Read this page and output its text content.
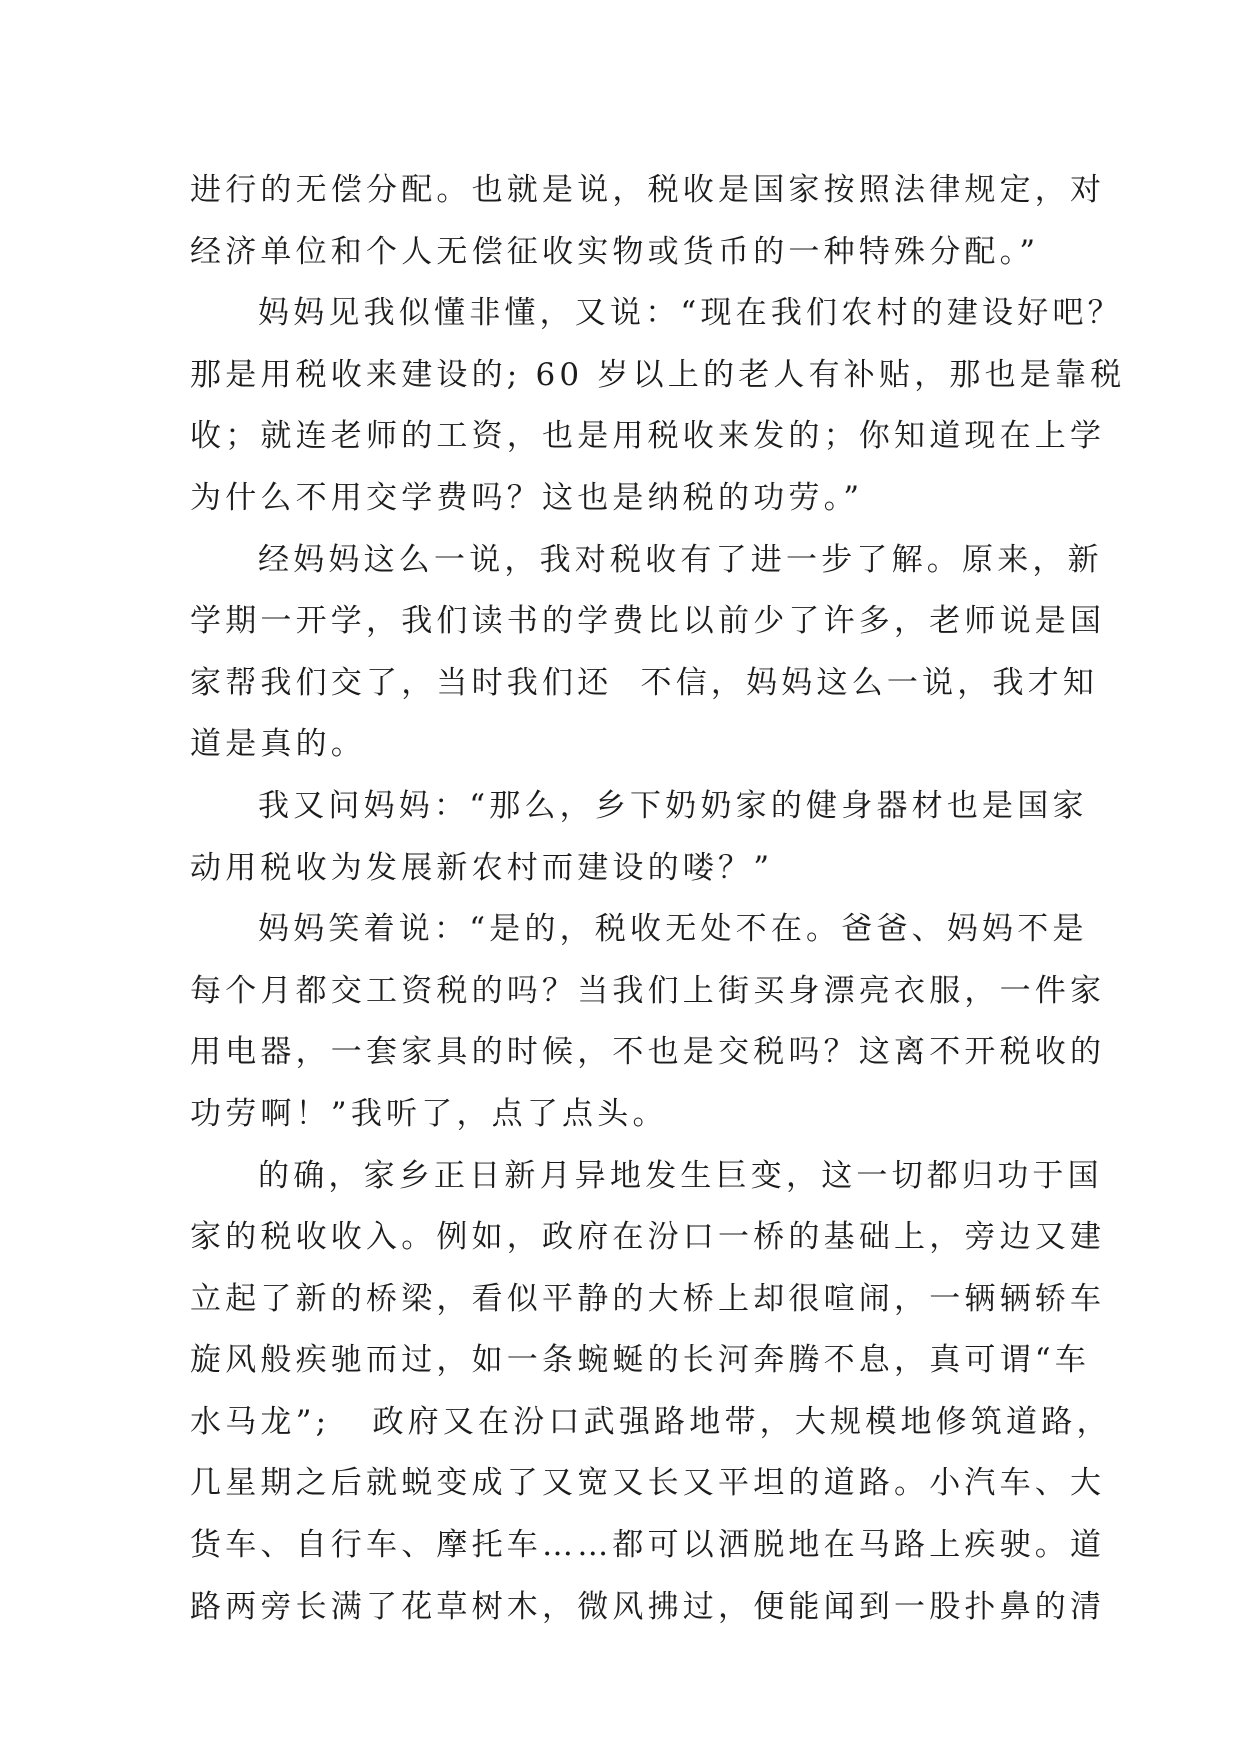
进行的无偿分配。也就是说，税收是国家按照法律规定，对
经济单位和个人无偿征收实物或货币的一种特殊分配。”
妈妈见我似懂非懂，又说：“现在我们农村的建设好吧？
那是用税收来建设的; 60 岁以上的老人有补贴，那也是靠税
收；就连老师的工资，也是用税收来发的；你知道现在上学
为什么不用交学费吗？这也是纳税的功劳。”
经妈妈这么一说，我对税收有了进一步了解。原来，新
学期一开学，我们读书的学费比以前少了许多，老师说是国
家帮我们交了，当时我们还  不信，妈妈这么一说，我才知
道是真的。
我又问妈妈：“那么，乡下奶奶家的健身器材也是国家
动用税收为发展新农村而建设的喽？”
妈妈笑着说：“是的，税收无处不在。爸爸、妈妈不是
每个月都交工资税的吗？当我们上街买身漂亮衣服，一件家
用电器，一套家具的时候，不也是交税吗？这离不开税收的
功劳啊！”我听了，点了点头。
的确，家乡正日新月异地发生巨变，这一切都归功于国
家的税收收入。例如，政府在汾口一桥的基础上，旁边又建
立起了新的桥梁，看似平静的大桥上却很喧闹，一辆辆轿车
旋风般疾驰而过，如一条蜿蜒的长河奔腾不息，真可谓“车
水马龙”;   政府又在汾口武强路地带，大规模地修筑道路，
几星期之后就蜕变成了又宽又长又平坦的道路。小汽车、大
货车、自行车、摩托车……都可以洒脱地在马路上疾驶。道
路两旁长满了花草树木，微风拂过，便能闻到一股扑鼻的清
